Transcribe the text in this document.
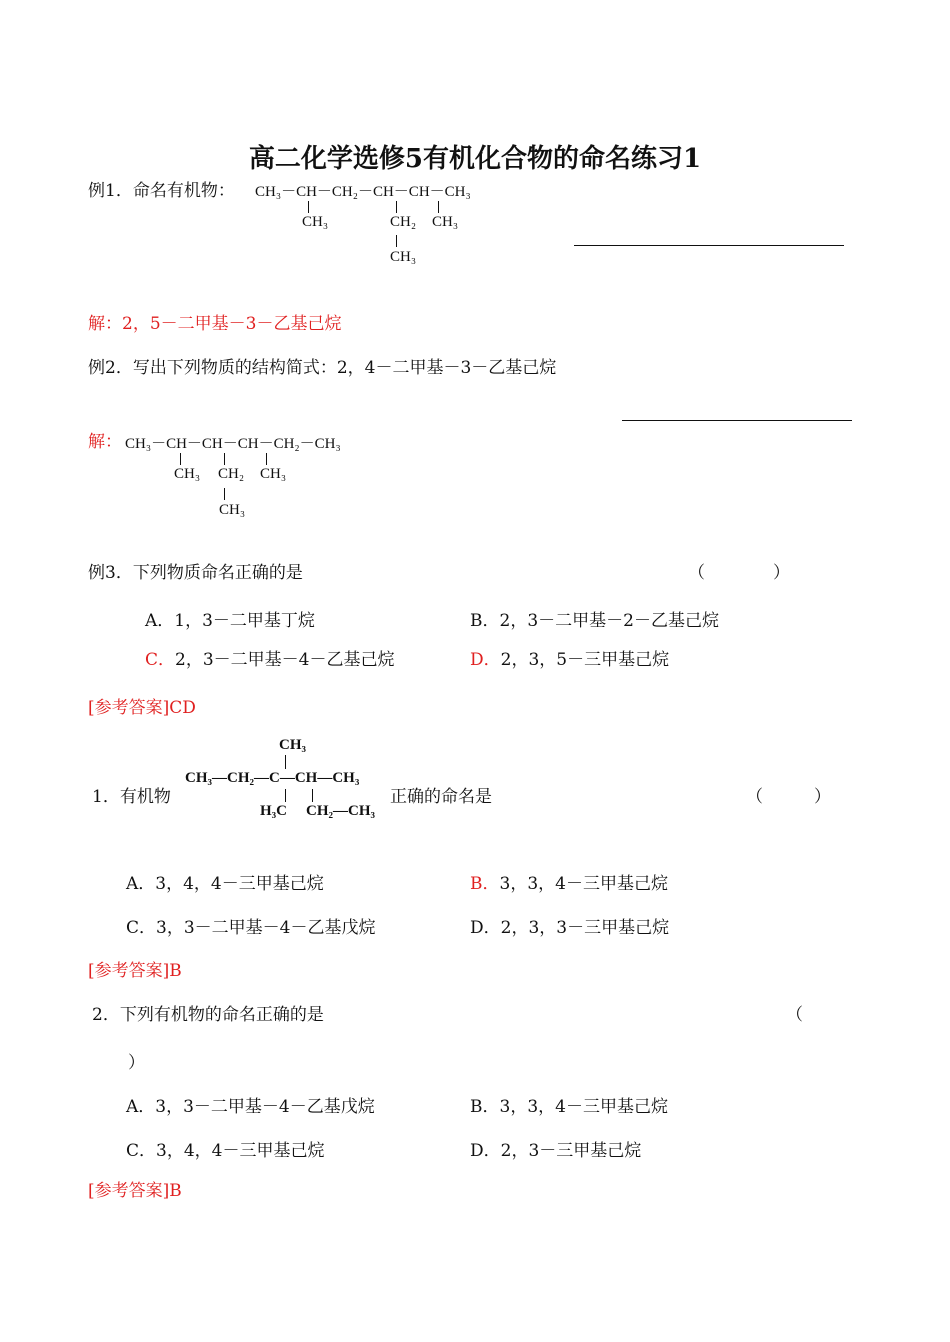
高二化学选修5有机化合物的命名练习1
例1．命名有机物： CH₃－CH－CH₂－CH－CH－CH₃
CH₃	CH₂
CH₃
CH₃
解：2，5－二甲基－3－乙基己烷
例2．写出下列物质的结构简式：2，4－二甲基－3－乙基己烷
解： CH₃－CH－CH－CH－CH₂－CH₃
CH₃ CH₂
CH₃
CH₃
例3．下列物质命名正确的是	（　　　　）
A．1，3－二甲基丁烷	B．2，3－二甲基－2－乙基己烷
C．2，3－二甲基－4－乙基己烷	D．2，3，5－三甲基己烷
[参考答案]CD
1．有机物
CH₃
CH₃—CH₂—C—CH—CH₃
H₃C CH₂—CH₃
正确的命名是	（　　　）
A．3，4，4－三甲基己烷	B．3，3，4－三甲基己烷
C．3，3－二甲基－4－乙基戊烷	D．2，3，3－三甲基己烷
[参考答案]B
2．下列有机物的命名正确的是	（
）
A．3，3－二甲基－4－乙基戊烷	B．3，3，4－三甲基己烷
C．3，4，4－三甲基己烷	D．2，3－三甲基己烷
[参考答案]B
